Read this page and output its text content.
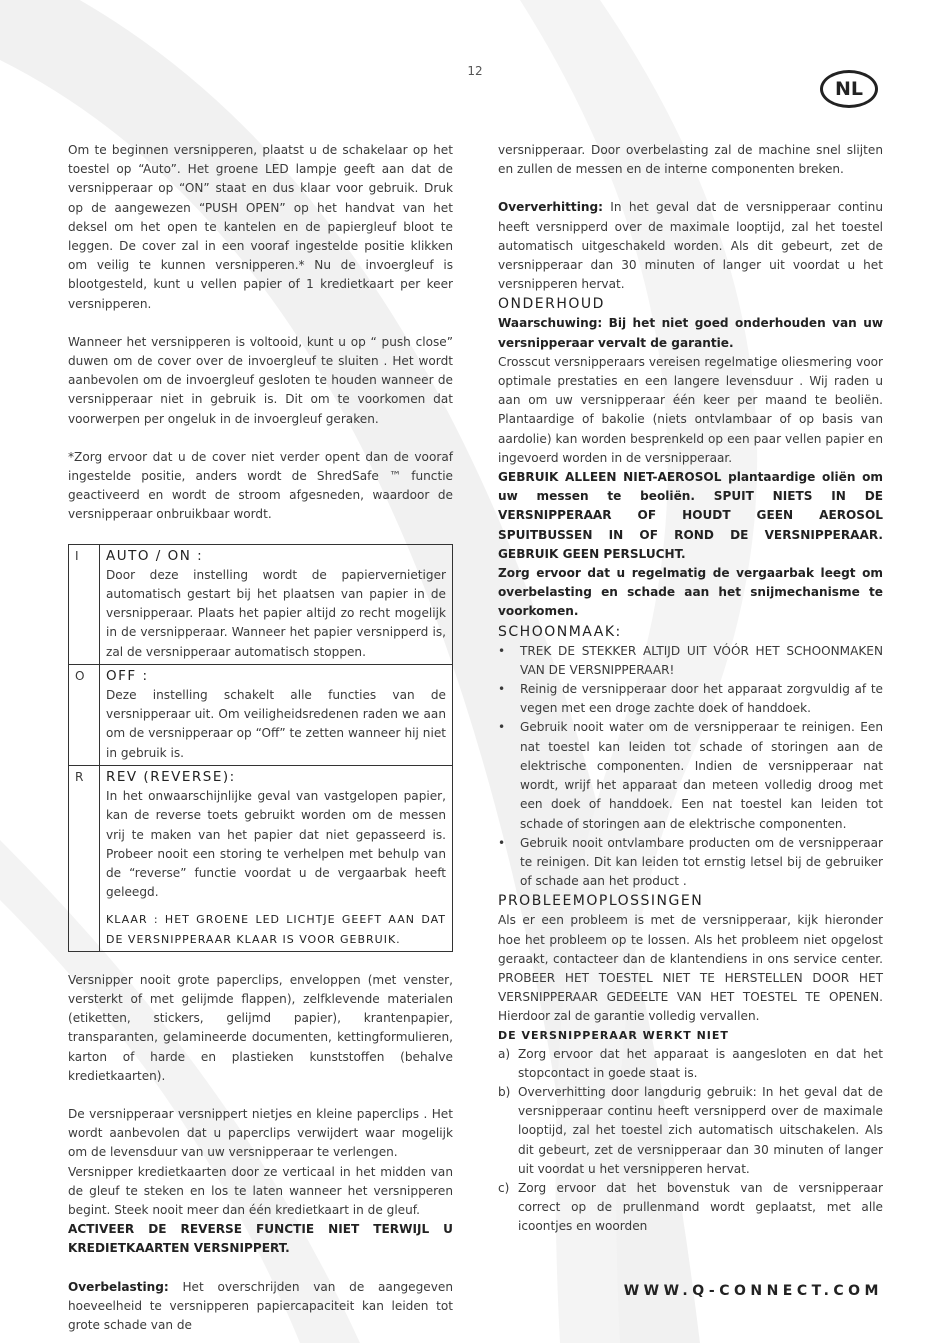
12
NL

Om te beginnen versnipperen, plaatst u de schakelaar op het toestel op “Auto”. Het groene LED lampje geeft aan dat de versnipperaar op “ON” staat en dus klaar voor gebruik. Druk op de aangewezen “PUSH OPEN” op het handvat van het deksel om het open te kantelen en de papiergleuf bloot te leggen. De cover zal in een vooraf ingestelde positie klikken om veilig te kunnen versnipperen.* Nu de invoergleuf is blootgesteld, kunt u vellen papier of 1 kredietkaart per keer versnipperen.

Wanneer het versnipperen is voltooid, kunt u op “ push close” duwen om de cover over de invoergleuf te sluiten . Het wordt aanbevolen om de invoergleuf gesloten te houden wanneer de versnipperaar niet in gebruik is. Dit om te voorkomen dat voorwerpen per ongeluk in de invoergleuf geraken.

*Zorg ervoor dat u de cover niet verder opent dan de vooraf ingestelde positie, anders wordt de ShredSafe ™ functie geactiveerd en wordt de stroom afgesneden, waardoor de versnipperaar onbruikbaar wordt.

I	AUTO / ON :
Door deze instelling wordt de papiervernietiger automatisch gestart bij het plaatsen van papier in de versnipperaar. Plaats het papier altijd zo recht mogelijk in de versnipperaar. Wanneer het papier versnipperd is, zal de versnipperaar automatisch stoppen.

O	OFF :
Deze instelling schakelt alle functies van de versnipperaar uit. Om veiligheidsredenen raden we aan om de versnipperaar op “Off” te zetten wanneer hij niet in gebruik is.

R	REV (REVERSE):
In het onwaarschijnlijke geval van vastgelopen papier, kan de reverse toets gebruikt worden om de messen vrij te maken van het papier dat niet gepasseerd is. Probeer nooit een storing te verhelpen met behulp van de “reverse” functie voordat u de vergaarbak heeft geleegd.
KLAAR : HET GROENE LED LICHTJE GEEFT AAN DAT DE VERSNIPPERAAR KLAAR IS VOOR GEBRUIK.

Versnipper nooit grote paperclips, enveloppen (met venster, versterkt of met gelijmde flappen), zelfklevende materialen (etiketten, stickers, gelijmd papier), krantenpapier, transparanten, gelamineerde documenten, kettingformulieren, karton of harde en plastieken kunststoffen (behalve kredietkaarten).

De versnipperaar versnippert nietjes en kleine paperclips . Het wordt aanbevolen dat u paperclips verwijdert waar mogelijk om de levensduur van uw versnipperaar te verlengen.

Versnipper kredietkaarten door ze verticaal in het midden van de gleuf te steken en los te laten wanneer het versnipperen begint. Steek nooit meer dan één kredietkaart in de gleuf.

ACTIVEER DE REVERSE FUNCTIE NIET TERWIJL U KREDIETKAARTEN VERSNIPPERT.

Overbelasting: Het overschrijden van de aangegeven hoeveelheid te versnipperen papiercapaciteit kan leiden tot grote schade van de

versnipperaar. Door overbelasting zal de machine snel slijten en zullen de messen en de interne componenten breken.

Oververhitting: In het geval dat de versnipperaar continu heeft versnipperd over de maximale looptijd, zal het toestel automatisch uitgeschakeld worden. Als dit gebeurt, zet de versnipperaar dan 30 minuten of langer uit voordat u het versnipperen hervat.

ONDERHOUD

Waarschuwing: Bij het niet goed onderhouden van uw versnipperaar vervalt de garantie.

Crosscut versnipperaars vereisen regelmatige oliesmering voor optimale prestaties en een langere levensduur . Wij raden u aan om uw versnipperaar één keer per maand te beoliën. Plantaardige of bakolie (niets ontvlambaar of op basis van aardolie) kan worden besprenkeld op een paar vellen papier en ingevoerd worden in de versnipperaar.

GEBRUIK ALLEEN NIET-AEROSOL plantaardige oliën om uw messen te beoliën. SPUIT NIETS IN DE VERSNIPPERAAR OF HOUDT GEEN AEROSOL SPUITBUSSEN IN OF ROND DE VERSNIPPERAAR. GEBRUIK GEEN PERSLUCHT.

Zorg ervoor dat u regelmatig de vergaarbak leegt om overbelasting en schade aan het snijmechanisme te voorkomen.

SCHOONMAAK:
• TREK DE STEKKER ALTIJD UIT VÓÓR HET SCHOONMAKEN VAN DE VERSNIPPERAAR!
• Reinig de versnipperaar door het apparaat zorgvuldig af te vegen met een droge zachte doek of handdoek.
• Gebruik nooit water om de versnipperaar te reinigen. Een nat toestel kan leiden tot schade of storingen aan de elektrische componenten. Indien de versnipperaar nat wordt, wrijf het apparaat dan meteen volledig droog met een doek of handdoek. Een nat toestel kan leiden tot schade of storingen aan de elektrische componenten.
• Gebruik nooit ontvlambare producten om de versnipperaar te reinigen. Dit kan leiden tot ernstig letsel bij de gebruiker of schade aan het product .
PROBLEEMOPLOSSINGEN

Als er een probleem is met de versnipperaar, kijk hieronder hoe het probleem op te lossen. Als het probleem niet opgelost geraakt, contacteer dan de klantendiens in ons service center. PROBEER HET TOESTEL NIET TE HERSTELLEN DOOR HET VERSNIPPERAAR GEDEELTE VAN HET TOESTEL TE OPENEN. Hierdoor zal de garantie volledig vervallen.

DE VERSNIPPERAAR WERKT NIET
a) Zorg ervoor dat het apparaat is aangesloten en dat het stopcontact in goede staat is.
b) Oververhitting door langdurig gebruik: In het geval dat de versnipperaar continu heeft versnipperd over de maximale looptijd, zal het toestel zich automatisch uitschakelen. Als dit gebeurt, zet de versnipperaar dan 30 minuten of langer uit voordat u het versnipperen hervat.
c) Zorg ervoor dat het bovenstuk van de versnipperaar correct op de prullenmand wordt geplaatst, met alle icoontjes en woorden
WWW.Q-CONNECT.COM
